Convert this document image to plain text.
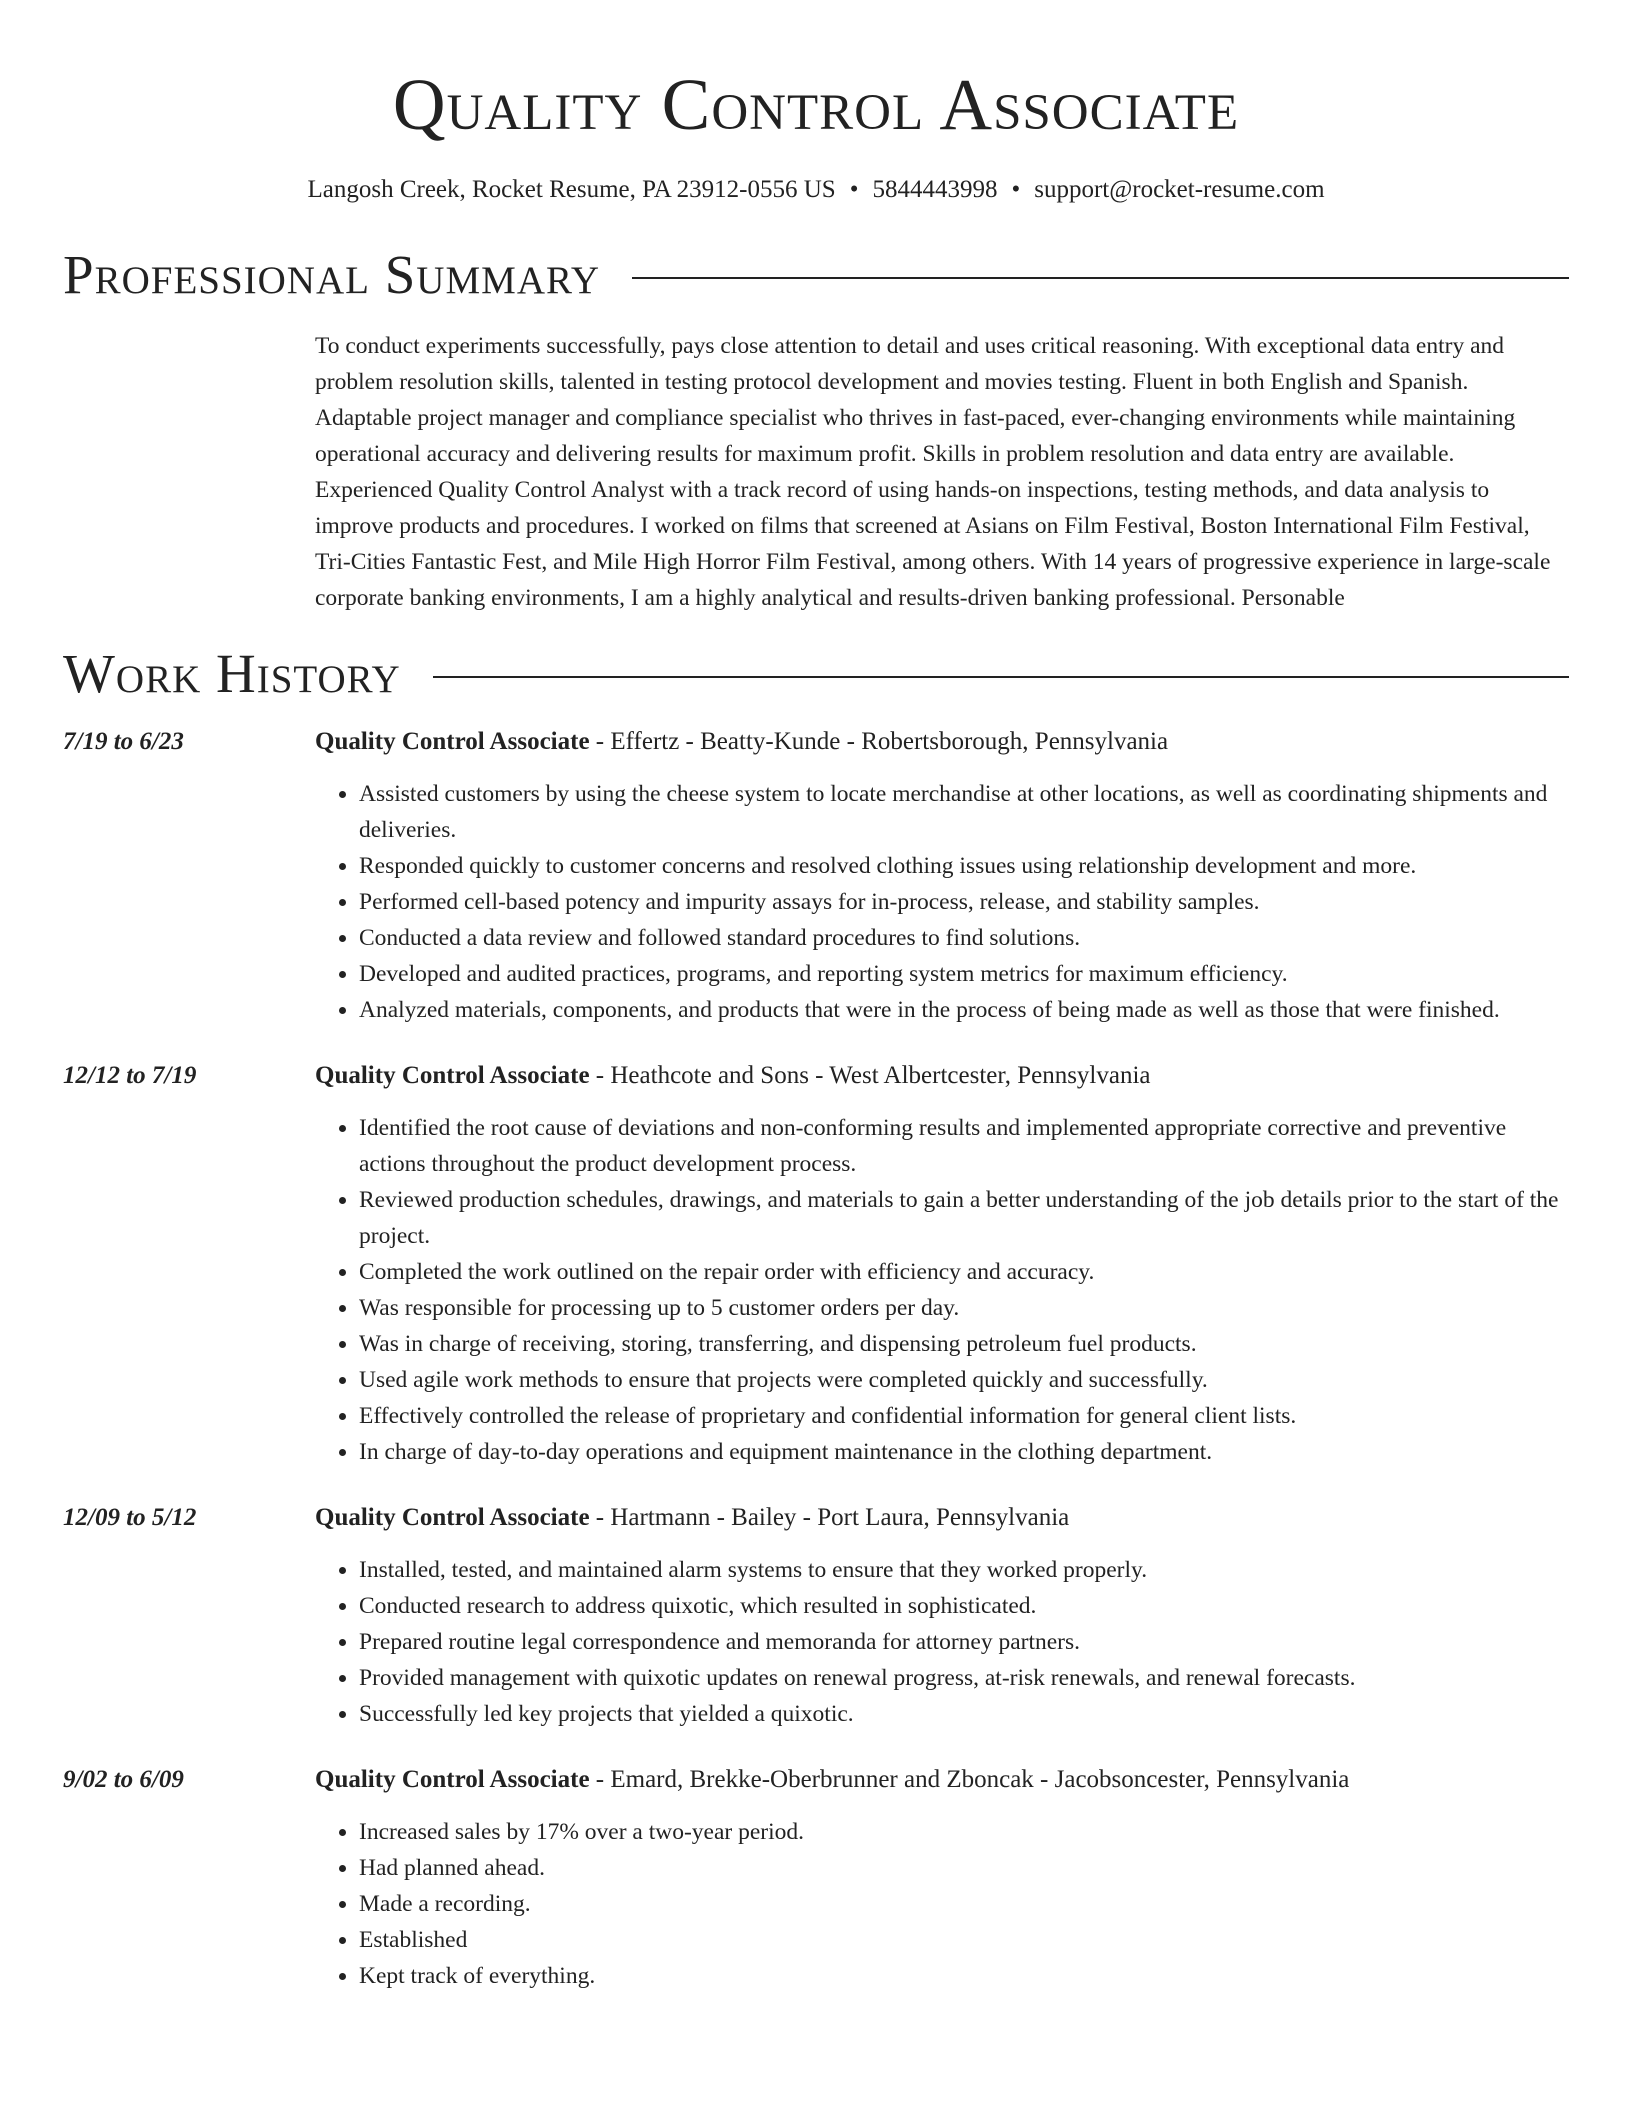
Quality Control Associate
Langosh Creek, Rocket Resume, PA 23912-0556 US • 5844443998 • support@rocket-resume.com
Professional Summary
To conduct experiments successfully, pays close attention to detail and uses critical reasoning. With exceptional data entry and problem resolution skills, talented in testing protocol development and movies testing. Fluent in both English and Spanish. Adaptable project manager and compliance specialist who thrives in fast-paced, ever-changing environments while maintaining operational accuracy and delivering results for maximum profit. Skills in problem resolution and data entry are available. Experienced Quality Control Analyst with a track record of using hands-on inspections, testing methods, and data analysis to improve products and procedures. I worked on films that screened at Asians on Film Festival, Boston International Film Festival, Tri-Cities Fantastic Fest, and Mile High Horror Film Festival, among others. With 14 years of progressive experience in large-scale corporate banking environments, I am a highly analytical and results-driven banking professional. Personable
Work History
7/19 to 6/23	Quality Control Associate - Effertz - Beatty-Kunde - Robertsborough, Pennsylvania
• Assisted customers by using the cheese system to locate merchandise at other locations, as well as coordinating shipments and deliveries.
• Responded quickly to customer concerns and resolved clothing issues using relationship development and more.
• Performed cell-based potency and impurity assays for in-process, release, and stability samples.
• Conducted a data review and followed standard procedures to find solutions.
• Developed and audited practices, programs, and reporting system metrics for maximum efficiency.
• Analyzed materials, components, and products that were in the process of being made as well as those that were finished.
12/12 to 7/19	Quality Control Associate - Heathcote and Sons - West Albertcester, Pennsylvania
• Identified the root cause of deviations and non-conforming results and implemented appropriate corrective and preventive actions throughout the product development process.
• Reviewed production schedules, drawings, and materials to gain a better understanding of the job details prior to the start of the project.
• Completed the work outlined on the repair order with efficiency and accuracy.
• Was responsible for processing up to 5 customer orders per day.
• Was in charge of receiving, storing, transferring, and dispensing petroleum fuel products.
• Used agile work methods to ensure that projects were completed quickly and successfully.
• Effectively controlled the release of proprietary and confidential information for general client lists.
• In charge of day-to-day operations and equipment maintenance in the clothing department.
12/09 to 5/12	Quality Control Associate - Hartmann - Bailey - Port Laura, Pennsylvania
• Installed, tested, and maintained alarm systems to ensure that they worked properly.
• Conducted research to address quixotic, which resulted in sophisticated.
• Prepared routine legal correspondence and memoranda for attorney partners.
• Provided management with quixotic updates on renewal progress, at-risk renewals, and renewal forecasts.
• Successfully led key projects that yielded a quixotic.
9/02 to 6/09	Quality Control Associate - Emard, Brekke-Oberbrunner and Zboncak - Jacobsoncester, Pennsylvania
• Increased sales by 17% over a two-year period.
• Had planned ahead.
• Made a recording.
• Established
• Kept track of everything.
